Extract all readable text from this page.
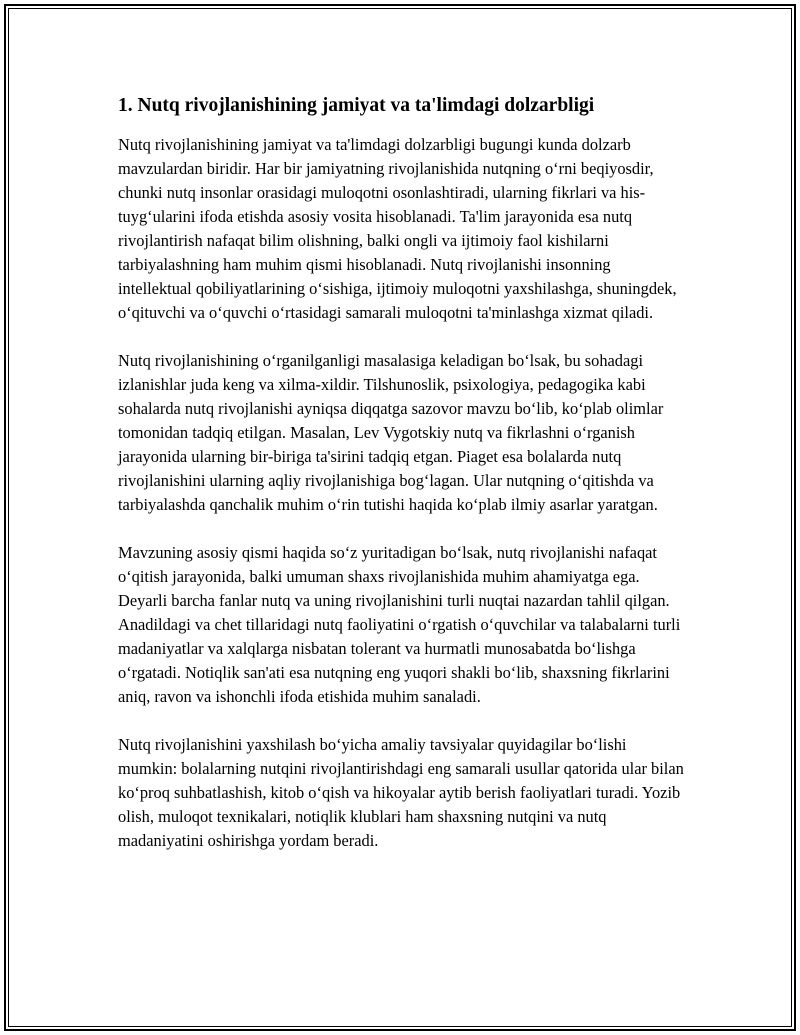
1. Nutq rivojlanishining jamiyat va ta'limdagi dolzarbligi

Nutq rivojlanishining jamiyat va ta'limdagi dolzarbligi bugungi kunda dolzarb mavzulardan biridir. Har bir jamiyatning rivojlanishida nutqning o‘rni beqiyosdir, chunki nutq insonlar orasidagi muloqotni osonlashtiradi, ularning fikrlari va his-tuyg‘ularini ifoda etishda asosiy vosita hisoblanadi. Ta'lim jarayonida esa nutq rivojlantirish nafaqat bilim olishning, balki ongli va ijtimoiy faol kishilarni tarbiyalashning ham muhim qismi hisoblanadi. Nutq rivojlanishi insonning intellektual qobiliyatlarining o‘sishiga, ijtimoiy muloqotni yaxshilashga, shuningdek, o‘qituvchi va o‘quvchi o‘rtasidagi samarali muloqotni ta'minlashga xizmat qiladi.

Nutq rivojlanishining o‘rganilganligi masalasiga keladigan bo‘lsak, bu sohadagi izlanishlar juda keng va xilma-xildir. Tilshunoslik, psixologiya, pedagogika kabi sohalarda nutq rivojlanishi ayniqsa diqqatga sazovor mavzu bo‘lib, ko‘plab olimlar tomonidan tadqiq etilgan. Masalan, Lev Vygotskiy nutq va fikrlashni o‘rganish jarayonida ularning bir-biriga ta'sirini tadqiq etgan. Piaget esa bolalarda nutq rivojlanishini ularning aqliy rivojlanishiga bog‘lagan. Ular nutqning o‘qitishda va tarbiyalashda qanchalik muhim o‘rin tutishi haqida ko‘plab ilmiy asarlar yaratgan.

Mavzuning asosiy qismi haqida so‘z yuritadigan bo‘lsak, nutq rivojlanishi nafaqat o‘qitish jarayonida, balki umuman shaxs rivojlanishida muhim ahamiyatga ega. Deyarli barcha fanlar nutq va uning rivojlanishini turli nuqtai nazardan tahlil qilgan. Anadildagi va chet tillaridagi nutq faoliyatini o‘rgatish o‘quvchilar va talabalarni turli madaniyatlar va xalqlarga nisbatan tolerant va hurmatli munosabatda bo‘lishga o‘rgatadi. Notiqlik san'ati esa nutqning eng yuqori shakli bo‘lib, shaxsning fikrlarini aniq, ravon va ishonchli ifoda etishida muhim sanaladi.

Nutq rivojlanishini yaxshilash bo‘yicha amaliy tavsiyalar quyidagilar bo‘lishi mumkin: bolalarning nutqini rivojlantirishdagi eng samarali usullar qatorida ular bilan ko‘proq suhbatlashish, kitob o‘qish va hikoyalar aytib berish faoliyatlari turadi. Yozib olish, muloqot texnikalari, notiqlik klublari ham shaxsning nutqini va nutq madaniyatini oshirishga yordam beradi.
